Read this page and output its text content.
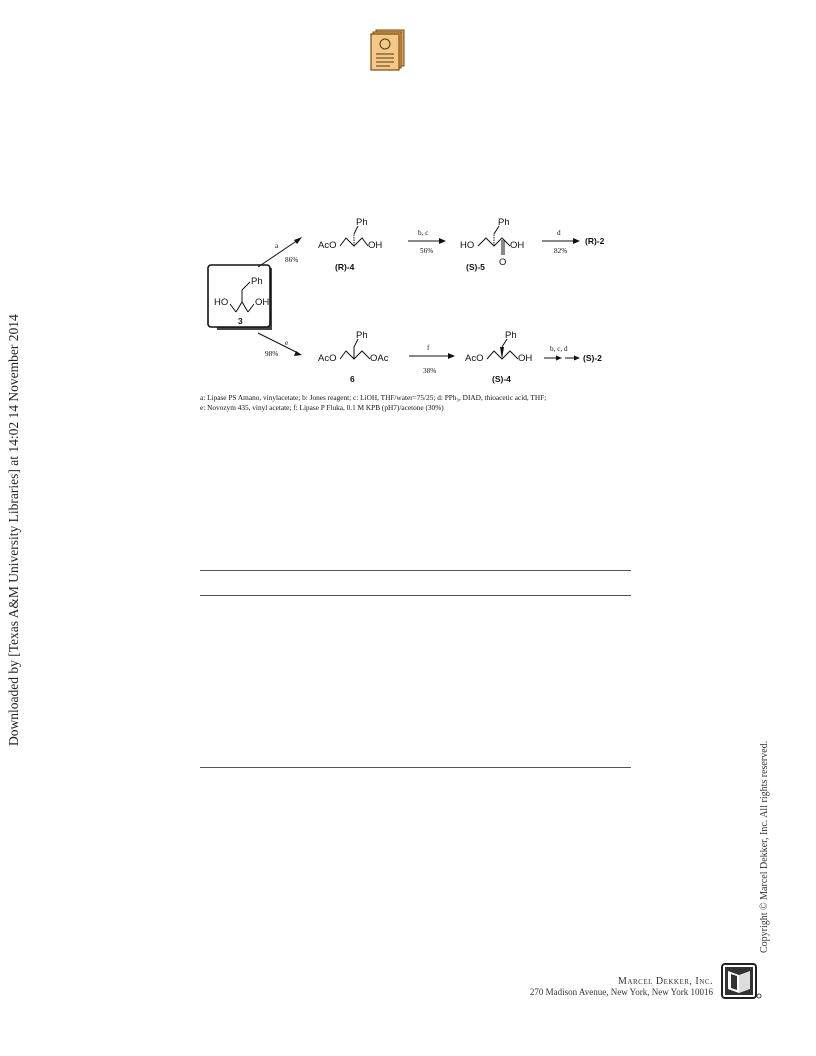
Downloaded by [Texas A&M University Libraries] at 14:02 14 November 2014
Ph
HO	OH
3
a
86%
AcO
Ph
OH
(R)-4
b, c
56%	HO
Ph
OH
O
(S)-5
d
82%
(R)-2
e
98%	AcO
Ph
OAc
6
f
38%
AcO
Ph
OH
(S)-4
b, c, d
(S)-2
a: Lipase PS Amano, vinylacetate; b: Jones reagent; c: LiOH, THF/water=75/25; d: PPh₃, DIAD, thioacetic acid, THF;
e: Novozym 435, vinyl acetate; f: Lipase P Fluka, 0.1 M KPB (pH7)/acetone (30%)
Copyright © Marcel Dekker, Inc. All rights reserved.
Marcel Dekker, Inc.
270 Madison Avenue, New York, New York 10016
